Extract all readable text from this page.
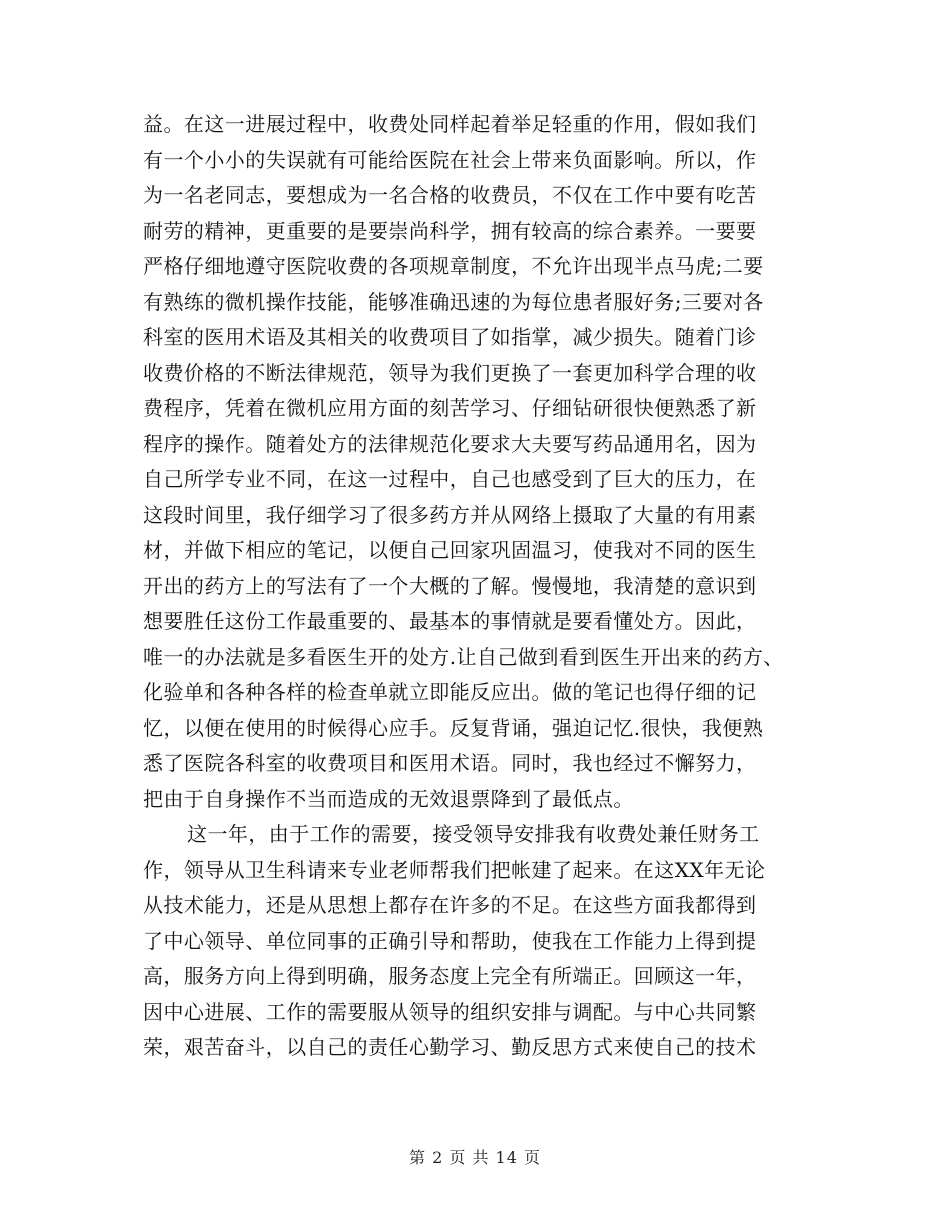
益。在这一进展过程中，收费处同样起着举足轻重的作用，假如我们
有一个小小的失误就有可能给医院在社会上带来负面影响。所以，作
为一名老同志，要想成为一名合格的收费员，不仅在工作中要有吃苦
耐劳的精神，更重要的是要崇尚科学，拥有较高的综合素养。一要要
严格仔细地遵守医院收费的各项规章制度，不允许出现半点马虎;二要
有熟练的微机操作技能，能够准确迅速的为每位患者服好务;三要对各
科室的医用术语及其相关的收费项目了如指掌，减少损失。随着门诊
收费价格的不断法律规范，领导为我们更换了一套更加科学合理的收
费程序，凭着在微机应用方面的刻苦学习、仔细钻研很快便熟悉了新
程序的操作。随着处方的法律规范化要求大夫要写药品通用名，因为
自己所学专业不同，在这一过程中，自己也感受到了巨大的压力，在
这段时间里，我仔细学习了很多药方并从网络上摄取了大量的有用素
材，并做下相应的笔记，以便自己回家巩固温习，使我对不同的医生
开出的药方上的写法有了一个大概的了解。慢慢地，我清楚的意识到
想要胜任这份工作最重要的、最基本的事情就是要看懂处方。因此，
唯一的办法就是多看医生开的处方.让自己做到看到医生开出来的药方、
化验单和各种各样的检查单就立即能反应出。做的笔记也得仔细的记
忆，以便在使用的时候得心应手。反复背诵，强迫记忆.很快，我便熟
悉了医院各科室的收费项目和医用术语。同时，我也经过不懈努力，
把由于自身操作不当而造成的无效退票降到了最低点。
这一年，由于工作的需要，接受领导安排我有收费处兼任财务工
作，领导从卫生科请来专业老师帮我们把帐建了起来。在这XX年无论
从技术能力，还是从思想上都存在许多的不足。在这些方面我都得到
了中心领导、单位同事的正确引导和帮助，使我在工作能力上得到提
高，服务方向上得到明确，服务态度上完全有所端正。回顾这一年，
因中心进展、工作的需要服从领导的组织安排与调配。与中心共同繁
荣，艰苦奋斗，以自己的责任心勤学习、勤反思方式来使自己的技术
第 2 页 共 14 页
